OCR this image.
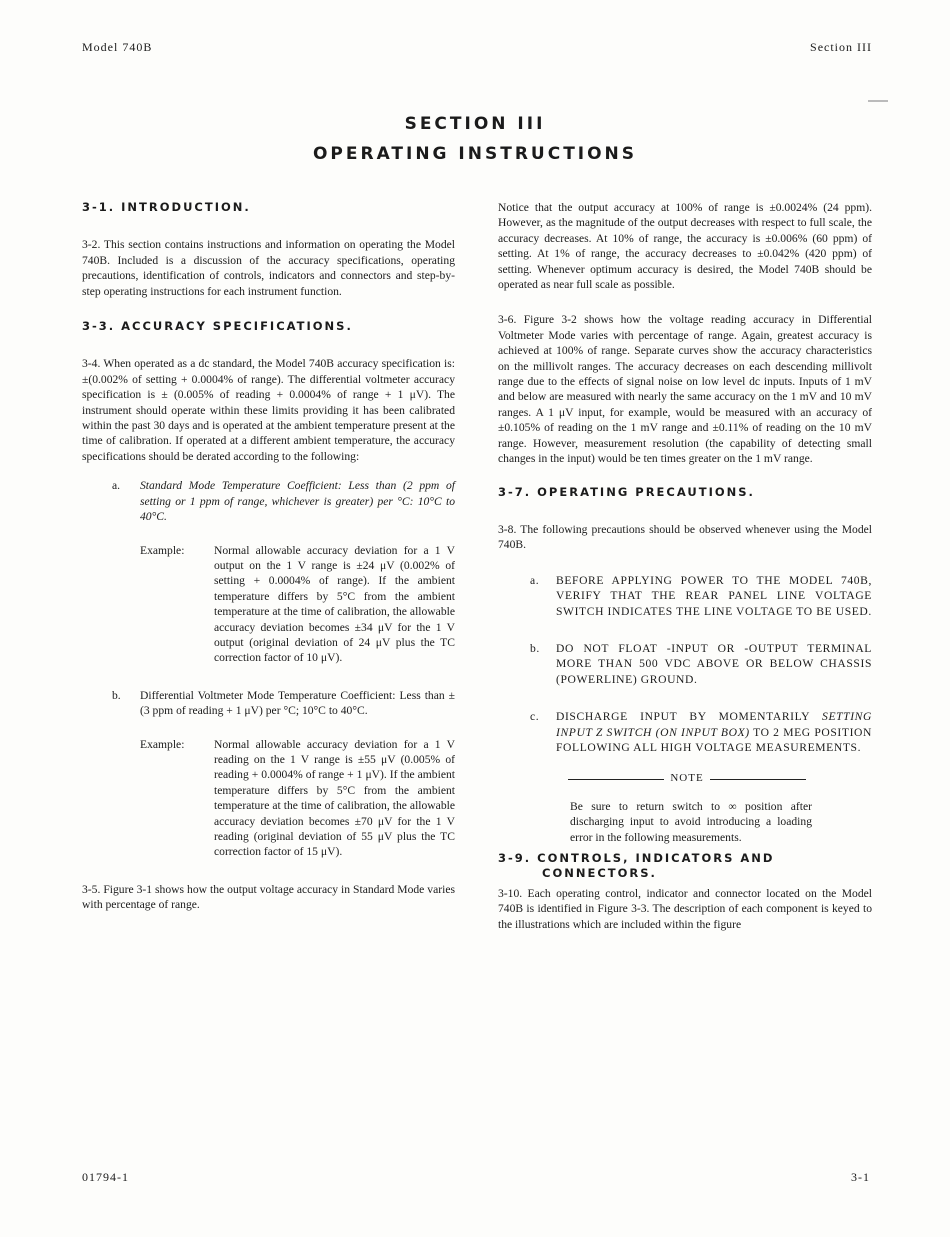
Model 740B	Section III
SECTION III
OPERATING INSTRUCTIONS
3-1. INTRODUCTION.

3-2. This section contains instructions and information on operating the Model 740B. Included is a discussion of the accuracy specifications, operating precautions, identification of controls, indicators and connectors and step-by-step operating instructions for each instrument function.

3-3. ACCURACY SPECIFICATIONS.

3-4. When operated as a dc standard, the Model 740B accuracy specification is: ±(0.002% of setting + 0.0004% of range). The differential voltmeter accuracy specification is ± (0.005% of reading + 0.0004% of range + 1 μV). The instrument should operate within these limits providing it has been calibrated within the past 30 days and is operated at the ambient temperature present at the time of calibration. If operated at a different ambient temperature, the accuracy specifications should be derated according to the following:

a.	Standard Mode Temperature Coefficient: Less than (2 ppm of setting or 1 ppm of range, whichever is greater) per °C: 10°C to 40°C.

Example:	Normal allowable accuracy deviation for a 1 V output on the 1 V range is ±24 μV (0.002% of setting + 0.0004% of range). If the ambient temperature differs by 5°C from the ambient temperature at the time of calibration, the allowable accuracy deviation becomes ±34 μV for the 1 V output (original deviation of 24 μV plus the TC correction factor of 10 μV).

b.	Differential Voltmeter Mode Temperature Coefficient: Less than ± (3 ppm of reading + 1 μV) per °C; 10°C to 40°C.

Example:	Normal allowable accuracy deviation for a 1 V reading on the 1 V range is ±55 μV (0.005% of reading + 0.0004% of range + 1 μV). If the ambient temperature differs by 5°C from the ambient temperature at the time of calibration, the allowable accuracy deviation becomes ±70 μV for the 1 V reading (original deviation of 55 μV plus the TC correction factor of 15 μV).

3-5. Figure 3-1 shows how the output voltage accuracy in Standard Mode varies with percentage of range.

Notice that the output accuracy at 100% of range is ±0.0024% (24 ppm). However, as the magnitude of the output decreases with respect to full scale, the accuracy decreases. At 10% of range, the accuracy is ±0.006% (60 ppm) of setting. At 1% of range, the accuracy decreases to ±0.042% (420 ppm) of setting. Whenever optimum accuracy is desired, the Model 740B should be operated as near full scale as possible.

3-6. Figure 3-2 shows how the voltage reading accuracy in Differential Voltmeter Mode varies with percentage of range. Again, greatest accuracy is achieved at 100% of range. Separate curves show the accuracy characteristics on the millivolt ranges. The accuracy decreases on each descending millivolt range due to the effects of signal noise on low level dc inputs. Inputs of 1 mV and below are measured with nearly the same accuracy on the 1 mV and 10 mV ranges. A 1 μV input, for example, would be measured with an accuracy of ±0.105% of reading on the 1 mV range and ±0.11% of reading on the 10 mV range. However, measurement resolution (the capability of detecting small changes in the input) would be ten times greater on the 1 mV range.

3-7. OPERATING PRECAUTIONS.

3-8. The following precautions should be observed whenever using the Model 740B.

a.	BEFORE APPLYING POWER TO THE MODEL 740B, VERIFY THAT THE REAR PANEL LINE VOLTAGE SWITCH INDICATES THE LINE VOLTAGE TO BE USED.

b.	DO NOT FLOAT -INPUT OR -OUTPUT TERMINAL MORE THAN 500 VDC ABOVE OR BELOW CHASSIS (POWERLINE) GROUND.

c.	DISCHARGE INPUT BY MOMENTARILY SETTING INPUT Z SWITCH (ON INPUT BOX) TO 2 MEG POSITION FOLLOWING ALL HIGH VOLTAGE MEASUREMENTS.

NOTE

Be sure to return switch to ∞ position after discharging input to avoid introducing a loading error in the following measurements.

3-9. CONTROLS, INDICATORS AND
CONNECTORS.

3-10. Each operating control, indicator and connector located on the Model 740B is identified in Figure 3-3. The description of each component is keyed to the illustrations which are included within the figure

01794-1	3-1
